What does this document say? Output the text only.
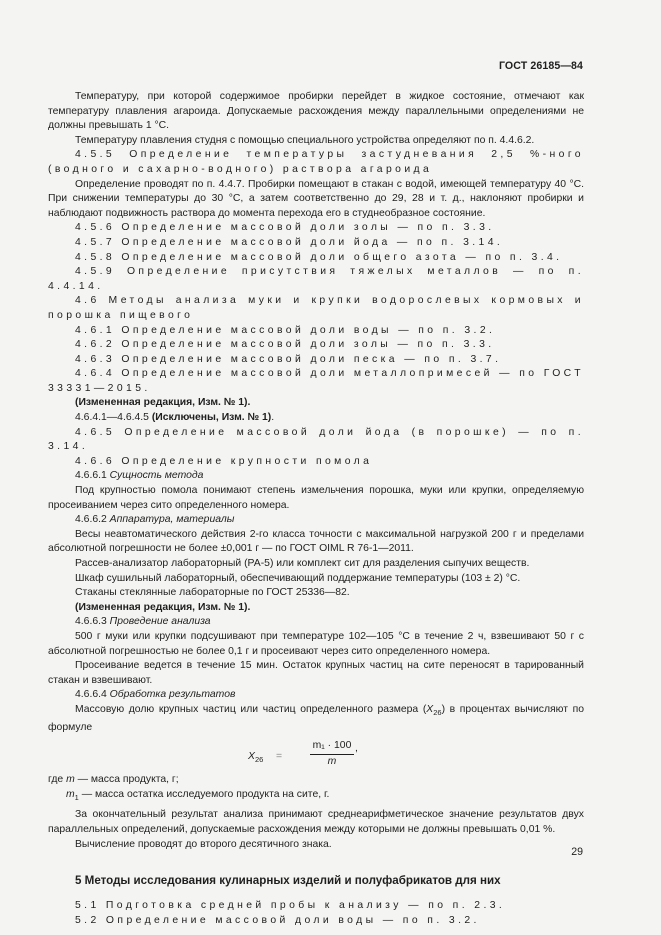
ГОСТ 26185—84

Температуру, при которой содержимое пробирки перейдет в жидкое состояние, отмечают как температуру плавления агароида. Допускаемые расхождения между параллельными определениями не должны превышать 1 °С.

Температуру плавления студня с помощью специального устройства определяют по п. 4.4.6.2.

4.5.5 Определение температуры застудневания 2,5 %-ного (водного и сахарно-водного) раствора агароида

Определение проводят по п. 4.4.7. Пробирки помещают в стакан с водой, имеющей температуру 40 °С. При снижении температуры до 30 °С, а затем соответственно до 29, 28 и т. д., наклоняют пробирки и наблюдают подвижность раствора до момента перехода его в студнеобразное состояние.

4.5.6 Определение массовой доли золы — по п. 3.3.

4.5.7 Определение массовой доли йода — по п. 3.14.

4.5.8 Определение массовой доли общего азота — по п. 3.4.

4.5.9 Определение присутствия тяжелых металлов — по п. 4.4.14.

4.6 Методы анализа муки и крупки водорослевых кормовых и порошка пищевого

4.6.1 Определение массовой доли воды — по п. 3.2.

4.6.2 Определение массовой доли золы — по п. 3.3.

4.6.3 Определение массовой доли песка — по п. 3.7.

4.6.4 Определение массовой доли металлопримесей — по ГОСТ 33331—2015.

(Измененная редакция, Изм. № 1).

4.6.4.1—4.6.4.5 (Исключены, Изм. № 1).

4.6.5 Определение массовой доли йода (в порошке) — по п. 3.14.

4.6.6 Определение крупности помола

4.6.6.1 Сущность метода

Под крупностью помола понимают степень измельчения порошка, муки или крупки, определяемую просеиванием через сито определенного номера.

4.6.6.2 Аппаратура, материалы

Весы неавтоматического действия 2-го класса точности с максимальной нагрузкой 200 г и пределами абсолютной погрешности не более ±0,001 г — по ГОСТ OIML R 76-1—2011.

Рассев-анализатор лабораторный (РА-5) или комплект сит для разделения сыпучих веществ.

Шкаф сушильный лабораторный, обеспечивающий поддержание температуры (103 ± 2) °С.

Стаканы стеклянные лабораторные по ГОСТ 25336—82.

(Измененная редакция, Изм. № 1).

4.6.6.3 Проведение анализа

500 г муки или крупки подсушивают при температуре 102—105 °С в течение 2 ч, взвешивают 50 г с абсолютной погрешностью не более 0,1 г и просеивают через сито определенного номера.

Просеивание ведется в течение 15 мин. Остаток крупных частиц на сите переносят в тарированный стакан и взвешивают.

4.6.6.4 Обработка результатов

Массовую долю крупных частиц или частиц определенного размера $(X_{26})$ в процентах вычисляют по формуле

$X_{26}$ =	$\frac{\text{m₁ · 100}}{m}$ ,

где m — масса продукта, г;

$m_1$ — масса остатка исследуемого продукта на сите, г.

За окончательный результат анализа принимают среднеарифметическое значение результатов двух параллельных определений, допускаемые расхождения между которыми не должны превышать 0,01 %.

Вычисление проводят до второго десятичного знака.

5 Методы исследования кулинарных изделий и полуфабрикатов для них

5.1 Подготовка средней пробы к анализу — по п. 2.3.

5.2 Определение массовой доли воды — по п. 3.2.

29
